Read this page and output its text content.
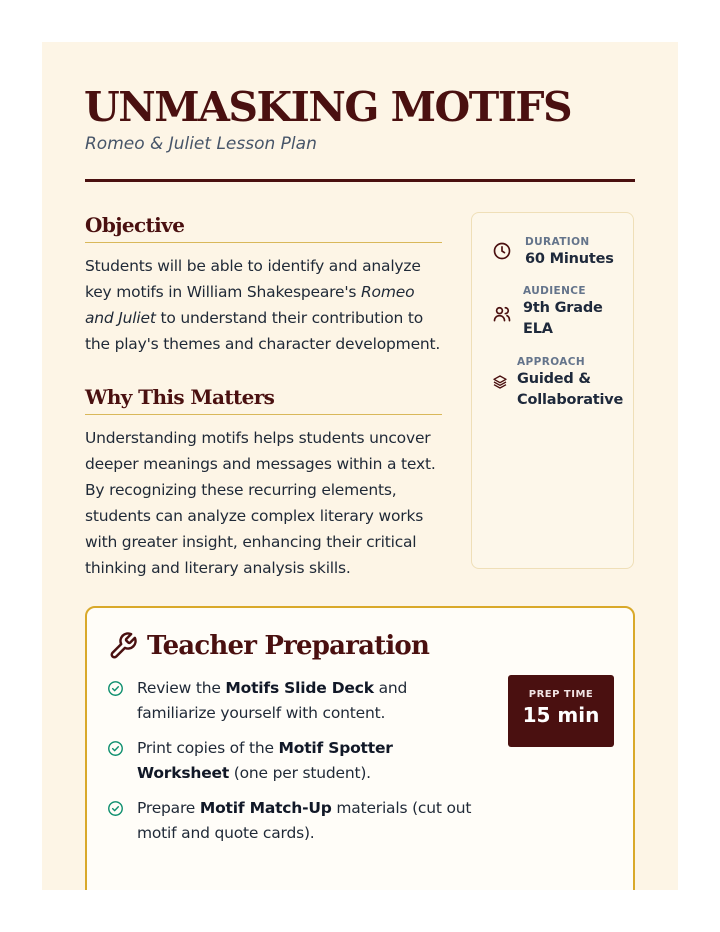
UNMASKING MOTIFS
Romeo & Juliet Lesson Plan
Objective

Students will be able to identify and analyze key motifs in William Shakespeare's Romeo and Juliet to understand their contribution to the play's themes and character development.

Why This Matters

Understanding motifs helps students uncover deeper meanings and messages within a text. By recognizing these recurring elements, students can analyze complex literary works with greater insight, enhancing their critical thinking and literary analysis skills.

DURATION
60 Minutes
AUDIENCE
9th Grade ELA
APPROACH
Guided & Collaborative
Teacher Preparation
Review the Motifs Slide Deck and familiarize yourself with content.
Print copies of the Motif Spotter Worksheet (one per student).
Prepare Motif Match-Up materials (cut out motif and quote cards).
PREP TIME
15 min
